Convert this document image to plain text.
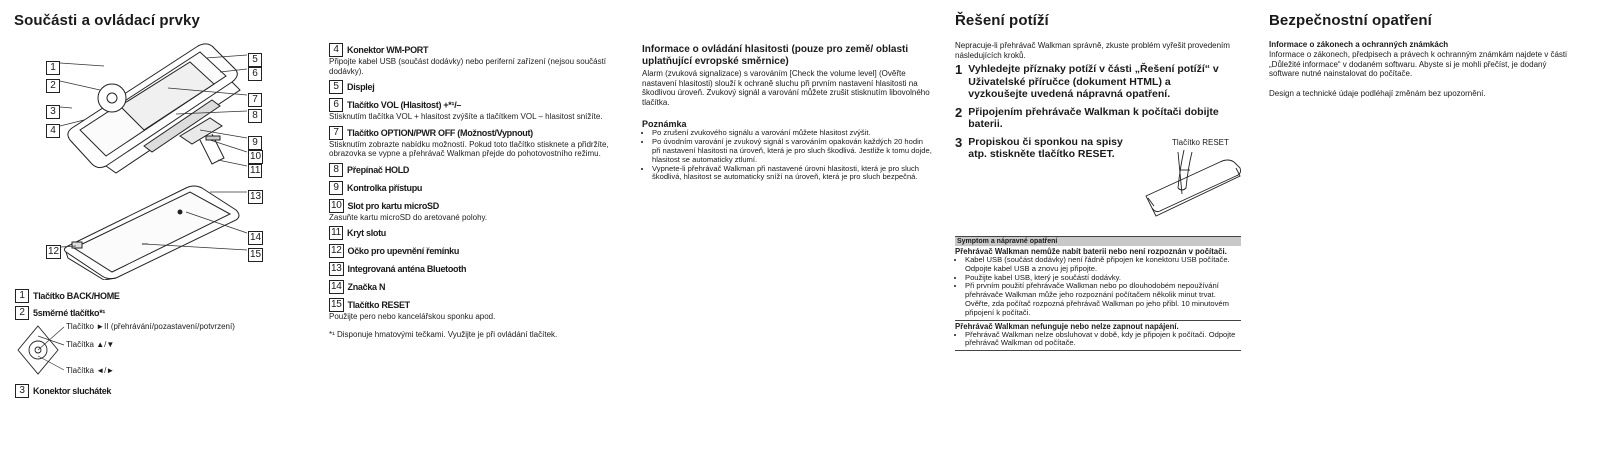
Součásti a ovládací prvky
1
2
3
4
5
6
7
8
9
10
11
13
14
15
12
1 Tlačítko BACK/HOME
2 5směrné tlačítko*¹
Tlačítko ►II (přehrávání/pozastavení/potvrzení)
Tlačítka ▲/▼
Tlačítka ◄/►
3 Konektor sluchátek
4 Konektor WM-PORT
Připojte kabel USB (součást dodávky) nebo periferní zařízení (nejsou součástí dodávky).
5 Displej
6 Tlačítko VOL (Hlasitost) +*¹/–
Stisknutím tlačítka VOL + hlasitost zvýšíte a tlačítkem VOL – hlasitost snížíte.
7 Tlačítko OPTION/PWR OFF (Možnost/Vypnout)
Stisknutím zobrazte nabídku možností. Pokud toto tlačítko stisknete a přidržíte, obrazovka se vypne a přehrávač Walkman přejde do pohotovostního režimu.
8 Přepínač HOLD
9 Kontrolka přístupu
10 Slot pro kartu microSD
Zasuňte kartu microSD do aretované polohy.
11 Kryt slotu
12 Očko pro upevnění řemínku
13 Integrovaná anténa Bluetooth
14 Značka N
15 Tlačítko RESET
Použijte pero nebo kancelářskou sponku apod.
*¹ Disponuje hmatovými tečkami. Využijte je při ovládání tlačítek.
Informace o ovládání hlasitosti (pouze pro země/ oblasti uplatňující evropské směrnice)
Alarm (zvuková signalizace) s varováním [Check the volume level] (Ověřte nastavení hlasitosti) slouží k ochraně sluchu při prvním nastavení hlasitosti na škodlivou úroveň. Zvukový signál a varování můžete zrušit stisknutím libovolného tlačítka.
Poznámka
• Po zrušení zvukového signálu a varování můžete hlasitost zvýšit.
• Po úvodním varování je zvukový signál s varováním opakován každých 20 hodin při nastavení hlasitosti na úroveň, která je pro sluch škodlivá. Jestliže k tomu dojde, hlasitost se automaticky ztlumí.
• Vypnete-li přehrávač Walkman při nastavené úrovni hlasitosti, která je pro sluch škodlivá, hlasitost se automaticky sníží na úroveň, která je pro sluch bezpečná.
Řešení potíží
Nepracuje-li přehrávač Walkman správně, zkuste problém vyřešit provedením následujících kroků.
1 Vyhledejte příznaky potíží v části „Řešení potíží“ v Uživatelské příručce (dokument HTML) a vyzkoušejte uvedená nápravná opatření.
2 Připojením přehrávače Walkman k počítači dobijte baterii.
3 Propiskou či sponkou na spisy atp. stiskněte tlačítko RESET.
Tlačítko RESET
Symptom a nápravné opatření
Přehrávač Walkman nemůže nabít baterii nebo není rozpoznán v počítači.

• Kabel USB (součást dodávky) není řádně připojen ke konektoru USB počítače. Odpojte kabel USB a znovu jej připojte.
• Použijte kabel USB, který je součástí dodávky.
• Při prvním použití přehrávače Walkman nebo po dlouhodobém nepoužívání přehrávače Walkman může jeho rozpoznání počítačem několik minut trvat. Ověřte, zda počítač rozpozná přehrávač Walkman po jeho přibl. 10 minutovém připojení k počítači.

Přehrávač Walkman nefunguje nebo nelze zapnout napájení.

• Přehrávač Walkman nelze obsluhovat v době, kdy je připojen k počítači. Odpojte přehrávač Walkman od počítače.

Bezpečnostní opatření
Informace o zákonech a ochranných známkách
Informace o zákonech, předpisech a právech k ochranným známkám najdete v části „Důležité informace“ v dodaném softwaru. Abyste si je mohli přečíst, je dodaný software nutné nainstalovat do počítače.
Design a technické údaje podléhají změnám bez upozornění.
